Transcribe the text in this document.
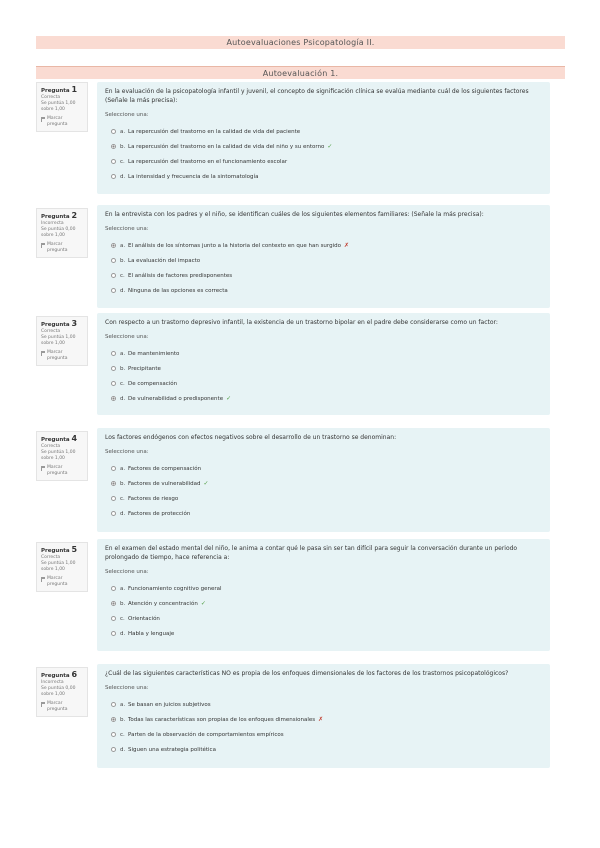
Autoevaluaciones Psicopatología II.
Autoevaluación 1.
Pregunta 1
Correcta
Se puntúa 1,00 sobre 1,00
Marcar pregunta
En la evaluación de la psicopatología infantil y juvenil, el concepto de significación clínica se evalúa mediante cuál de los siguientes factores (Señale la más precisa):
Seleccione una:
a. La repercusión del trastorno en la calidad de vida del paciente
b. La repercusión del trastorno en la calidad de vida del niño y su entorno ✓
c. La repercusión del trastorno en el funcionamiento escolar
d. La intensidad y frecuencia de la sintomatología
Pregunta 2
Incorrecta
Se puntúa 0,00 sobre 1,00
Marcar pregunta
En la entrevista con los padres y el niño, se identifican cuáles de los siguientes elementos familiares: (Señale la más precisa):
Seleccione una:
a. El análisis de los síntomas junto a la historia del contexto en que han surgido ✗
b. La evaluación del impacto
c. El análisis de factores predisponentes
d. Ninguna de las opciones es correcta
Pregunta 3
Correcta
Se puntúa 1,00 sobre 1,00
Marcar pregunta
Con respecto a un trastorno depresivo infantil, la existencia de un trastorno bipolar en el padre debe considerarse como un factor:
Seleccione una:
a. De mantenimiento
b. Precipitante
c. De compensación
d. De vulnerabilidad o predisponente ✓
Pregunta 4
Correcta
Se puntúa 1,00 sobre 1,00
Marcar pregunta
Los factores endógenos con efectos negativos sobre el desarrollo de un trastorno se denominan:
Seleccione una:
a. Factores de compensación
b. Factores de vulnerabilidad ✓
c. Factores de riesgo
d. Factores de protección
Pregunta 5
Correcta
Se puntúa 1,00 sobre 1,00
Marcar pregunta
En el examen del estado mental del niño, le anima a contar qué le pasa sin ser tan difícil para seguir la conversación durante un periodo prolongado de tiempo, hace referencia a:
Seleccione una:
a. Funcionamiento cognitivo general
b. Atención y concentración ✓
c. Orientación
d. Habla y lenguaje
Pregunta 6
Incorrecta
Se puntúa 0,00 sobre 1,00
Marcar pregunta
¿Cuál de las siguientes características NO es propia de los enfoques dimensionales de los factores de los trastornos psicopatológicos?
Seleccione una:
a. Se basan en juicios subjetivos
b. Todas las características son propias de los enfoques dimensionales ✗
c. Parten de la observación de comportamientos empíricos
d. Siguen una estrategia politética
